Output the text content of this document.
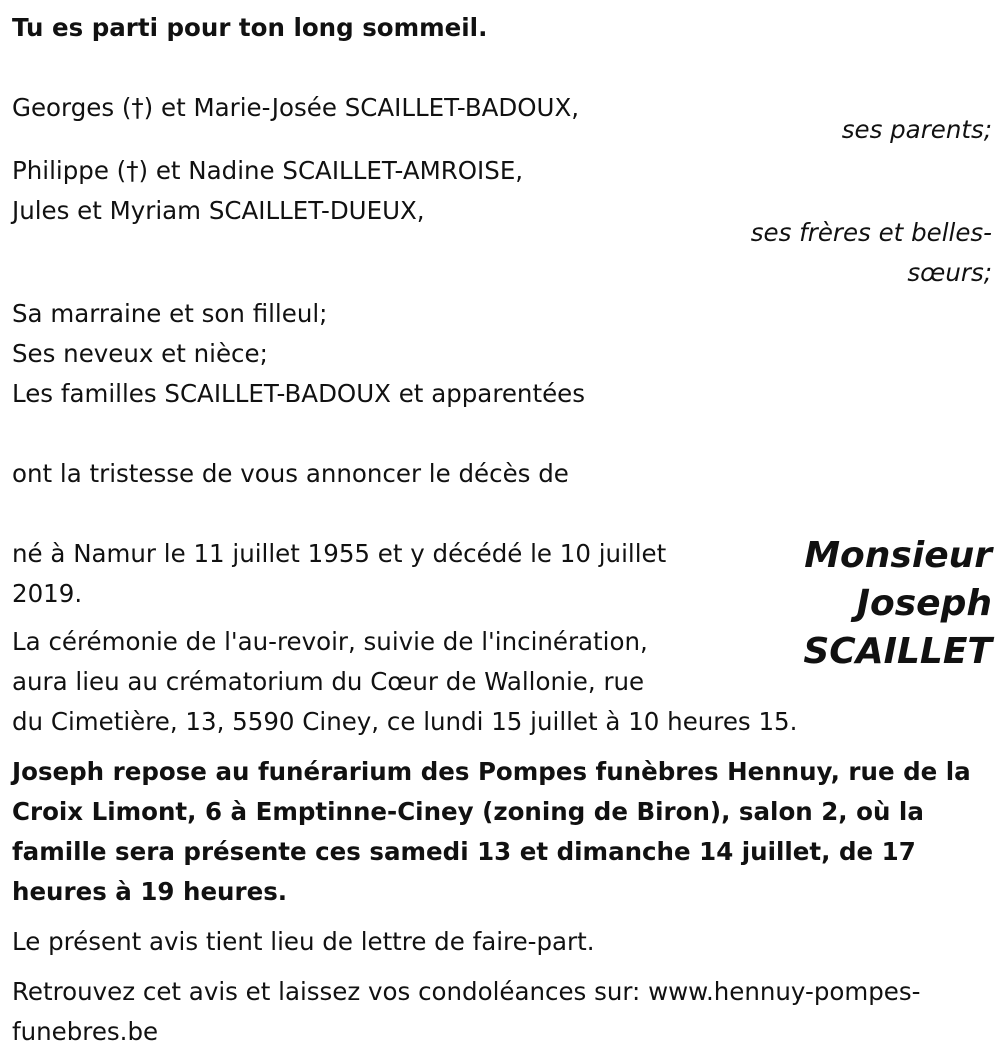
Tu es parti pour ton long sommeil.
Georges (†) et Marie-Josée SCAILLET-BADOUX,
ses parents;
Philippe (†) et Nadine SCAILLET-AMROISE,
Jules et Myriam SCAILLET-DUEUX,
ses frères et belles-
sœurs;
Sa marraine et son filleul;
Ses neveux et nièce;
Les familles SCAILLET-BADOUX et apparentées
ont la tristesse de vous annoncer le décès de
Monsieur
Joseph
SCAILLET
né à Namur le 11 juillet 1955 et y décédé le 10 juillet
2019.
La cérémonie de l'au-revoir, suivie de l'incinération,
aura lieu au crématorium du Cœur de Wallonie, rue
du Cimetière, 13, 5590 Ciney, ce lundi 15 juillet à 10 heures 15.
Joseph repose au funérarium des Pompes funèbres Hennuy, rue de la
Croix Limont, 6 à Emptinne-Ciney (zoning de Biron), salon 2, où la
famille sera présente ces samedi 13 et dimanche 14 juillet, de 17
heures à 19 heures.
Le présent avis tient lieu de lettre de faire-part.
Retrouvez cet avis et laissez vos condoléances sur: www.hennuy-pompes-
funebres.be
